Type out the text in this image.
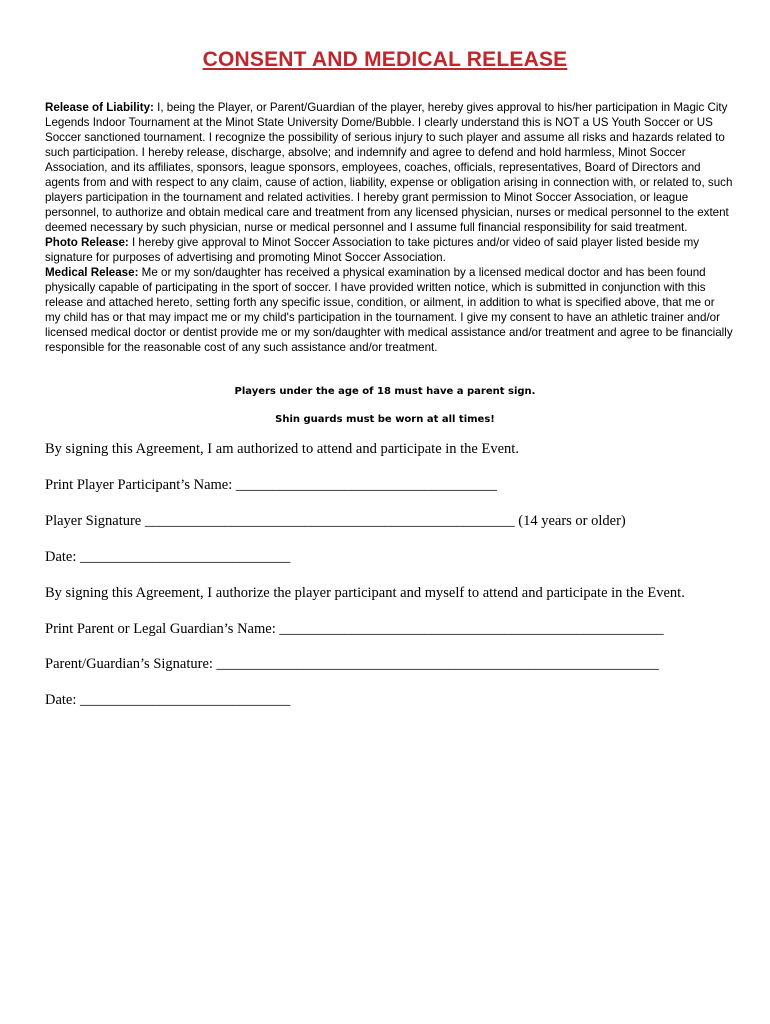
CONSENT AND MEDICAL RELEASE

Release of Liability: I, being the Player, or Parent/Guardian of the player, hereby gives approval to his/her participation in Magic City Legends Indoor Tournament at the Minot State University Dome/Bubble. I clearly understand this is NOT a US Youth Soccer or US Soccer sanctioned tournament. I recognize the possibility of serious injury to such player and assume all risks and hazards related to such participation. I hereby release, discharge, absolve; and indemnify and agree to defend and hold harmless, Minot Soccer Association, and its affiliates, sponsors, league sponsors, employees, coaches, officials, representatives, Board of Directors and agents from and with respect to any claim, cause of action, liability, expense or obligation arising in connection with, or related to, such players participation in the tournament and related activities. I hereby grant permission to Minot Soccer Association, or league personnel, to authorize and obtain medical care and treatment from any licensed physician, nurses or medical personnel to the extent deemed necessary by such physician, nurse or medical personnel and I assume full financial responsibility for said treatment.

Photo Release: I hereby give approval to Minot Soccer Association to take pictures and/or video of said player listed beside my signature for purposes of advertising and promoting Minot Soccer Association.

Medical Release: Me or my son/daughter has received a physical examination by a licensed medical doctor and has been found physically capable of participating in the sport of soccer. I have provided written notice, which is submitted in conjunction with this release and attached hereto, setting forth any specific issue, condition, or ailment, in addition to what is specified above, that me or my child has or that may impact me or my child's participation in the tournament. I give my consent to have an athletic trainer and/or licensed medical doctor or dentist provide me or my son/daughter with medical assistance and/or treatment and agree to be financially responsible for the reasonable cost of any such assistance and/or treatment.

Players under the age of 18 must have a parent sign.
Shin guards must be worn at all times!
By signing this Agreement, I am authorized to attend and participate in the Event.
Print Player Participant’s Name: ____________________________________
Player Signature ___________________________________________________ (14 years or older)
Date: _____________________________
By signing this Agreement, I authorize the player participant and myself to attend and participate in the Event.
Print Parent or Legal Guardian’s Name: _____________________________________________________
Parent/Guardian’s Signature: _____________________________________________________________
Date: _____________________________
